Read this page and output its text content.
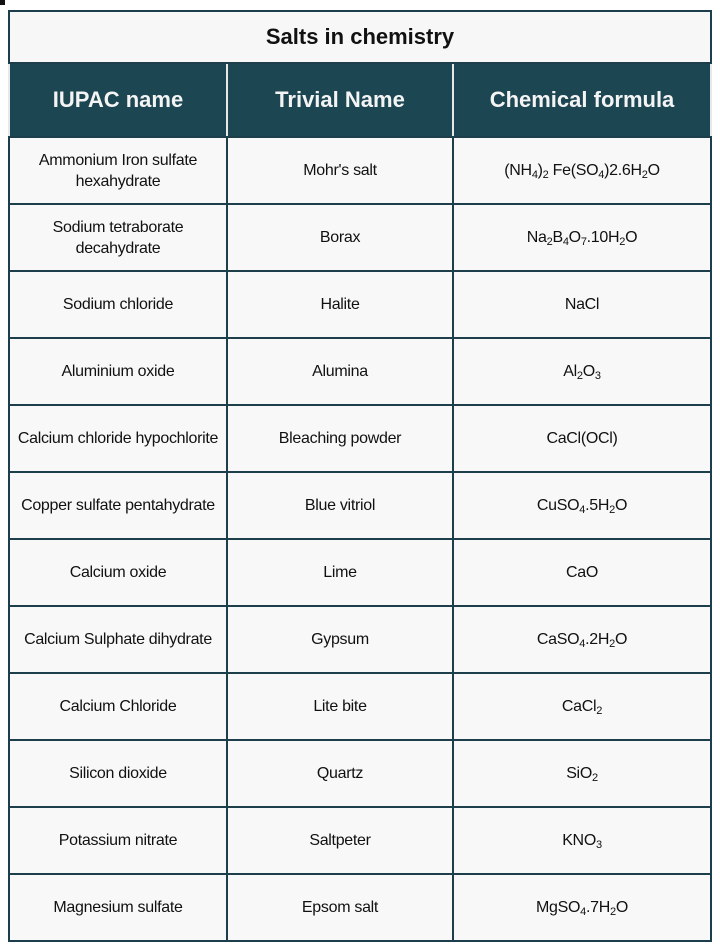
Salts in chemistry		
IUPAC name	Trivial Name	Chemical formula
Ammonium Iron sulfate hexahydrate	Mohr's salt	$(NH_4)_2$ $Fe(SO_4)2.6H_2O$
Sodium tetraborate decahydrate	Borax	$Na_2B_4O_7.10H_2O$
Sodium chloride	Halite	NaCl
Aluminium oxide	Alumina	$Al_2O_3$
Calcium chloride hypochlorite	Bleaching powder	CaCl(OCl)
Copper sulfate pentahydrate	Blue vitriol	$CuSO_4.5H_2O$
Calcium oxide	Lime	CaO
Calcium Sulphate dihydrate	Gypsum	$CaSO_4.2H_2O$
Calcium Chloride	Lite bite	CaCl$_2$
Silicon dioxide	Quartz	SiO$_2$
Potassium nitrate	Saltpeter	$KNO_3$
Magnesium sulfate	Epsom salt	$MgSO_4.7H_2O$
